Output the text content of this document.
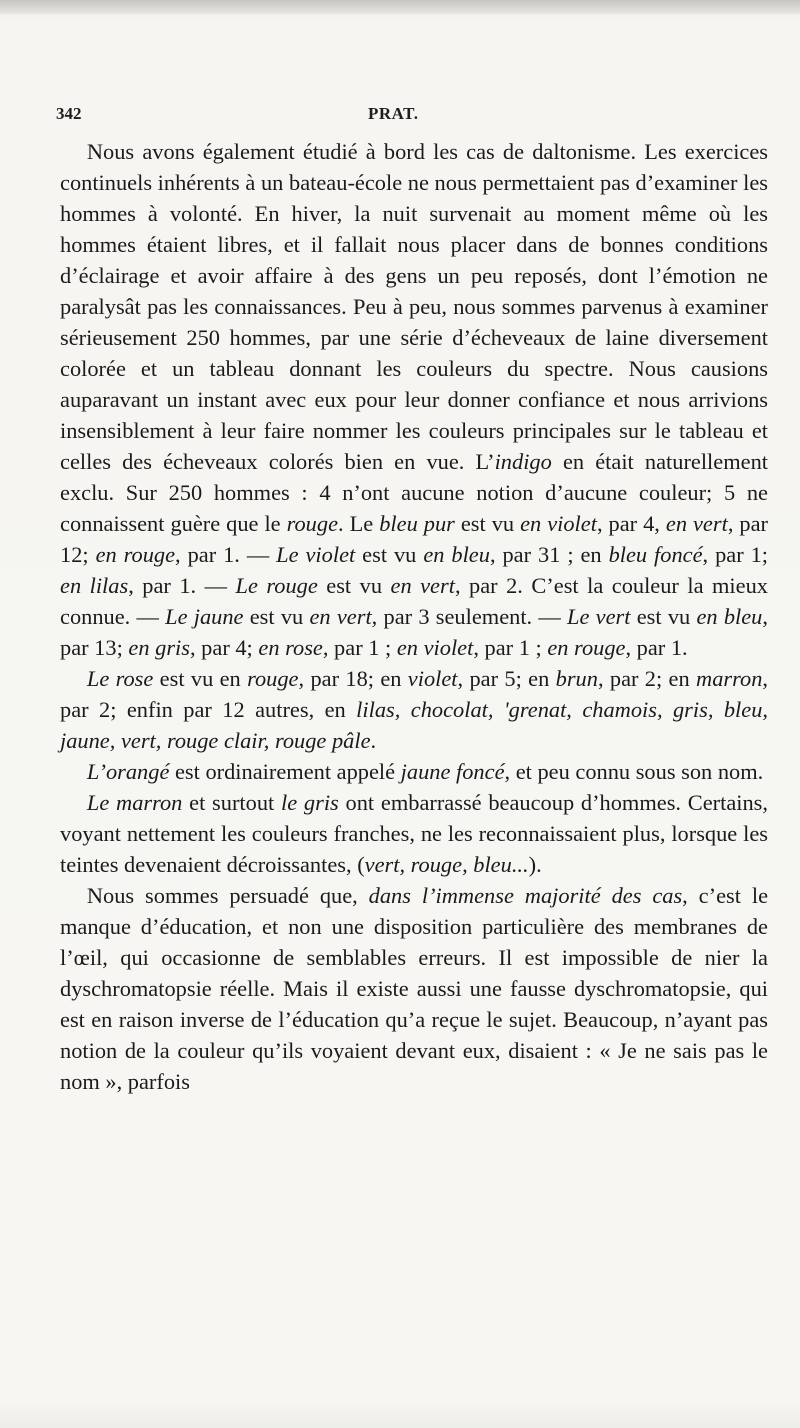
342	PRAT.

Nous avons également étudié à bord les cas de daltonisme. Les exercices continuels inhérents à un bateau-école ne nous permettaient pas d’examiner les hommes à volonté. En hiver, la nuit survenait au moment même où les hommes étaient libres, et il fallait nous placer dans de bonnes conditions d’éclairage et avoir affaire à des gens un peu reposés, dont l’émotion ne paralysât pas les connaissances. Peu à peu, nous sommes parvenus à examiner sérieusement 250 hommes, par une série d’écheveaux de laine diversement colorée et un tableau donnant les couleurs du spectre. Nous causions auparavant un instant avec eux pour leur donner confiance et nous arrivions insensiblement à leur faire nommer les couleurs principales sur le tableau et celles des écheveaux colorés bien en vue. L’indigo en était naturellement exclu. Sur 250 hommes : 4 n’ont aucune notion d’aucune couleur; 5 ne connaissent guère que le rouge. Le bleu pur est vu en violet, par 4, en vert, par 12; en rouge, par 1. — Le violet est vu en bleu, par 31 ; en bleu foncé, par 1; en lilas, par 1. — Le rouge est vu en vert, par 2. C’est la couleur la mieux connue. — Le jaune est vu en vert, par 3 seulement. — Le vert est vu en bleu, par 13; en gris, par 4; en rose, par 1 ; en violet, par 1 ; en rouge, par 1.

Le rose est vu en rouge, par 18; en violet, par 5; en brun, par 2; en marron, par 2; enfin par 12 autres, en lilas, chocolat, 'grenat, chamois, gris, bleu, jaune, vert, rouge clair, rouge pâle.

L’orangé est ordinairement appelé jaune foncé, et peu connu sous son nom.

Le marron et surtout le gris ont embarrassé beaucoup d’hommes. Certains, voyant nettement les couleurs franches, ne les reconnaissaient plus, lorsque les teintes devenaient décroissantes, (vert, rouge, bleu...).

Nous sommes persuadé que, dans l’immense majorité des cas, c’est le manque d’éducation, et non une disposition particulière des membranes de l’œil, qui occasionne de semblables erreurs. Il est impossible de nier la dyschromatopsie réelle. Mais il existe aussi une fausse dyschromatopsie, qui est en raison inverse de l’éducation qu’a reçue le sujet. Beaucoup, n’ayant pas notion de la couleur qu’ils voyaient devant eux, disaient : « Je ne sais pas le nom », parfois
